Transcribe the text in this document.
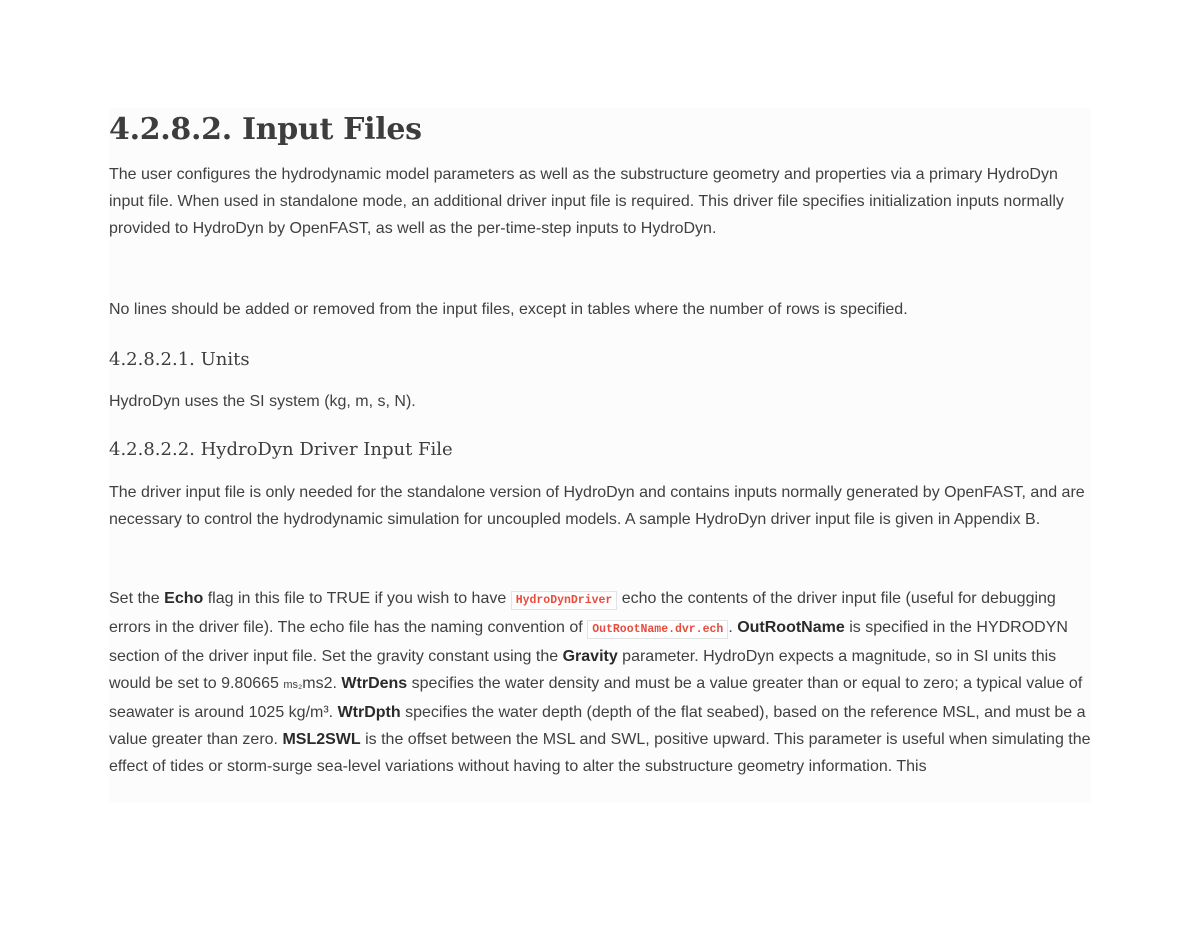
4.2.8.2. Input Files

The user configures the hydrodynamic model parameters as well as the substructure geometry and properties via a primary HydroDyn input file. When used in standalone mode, an additional driver input file is required. This driver file specifies initialization inputs normally provided to HydroDyn by OpenFAST, as well as the per-time-step inputs to HydroDyn.

No lines should be added or removed from the input files, except in tables where the number of rows is specified.

4.2.8.2.1. Units

HydroDyn uses the SI system (kg, m, s, N).

4.2.8.2.2. HydroDyn Driver Input File

The driver input file is only needed for the standalone version of HydroDyn and contains inputs normally generated by OpenFAST, and are necessary to control the hydrodynamic simulation for uncoupled models. A sample HydroDyn driver input file is given in Appendix B.

Set the Echo flag in this file to TRUE if you wish to have HydroDynDriver echo the contents of the driver input file (useful for debugging errors in the driver file). The echo file has the naming convention of OutRootName.dvr.ech . OutRootName is specified in the HYDRODYN section of the driver input file. Set the gravity constant using the Gravity parameter. HydroDyn expects a magnitude, so in SI units this would be set to 9.80665 ms₂ms2. WtrDens specifies the water density and must be a value greater than or equal to zero; a typical value of seawater is around 1025 kg/m³. WtrDpth specifies the water depth (depth of the flat seabed), based on the reference MSL, and must be a value greater than zero. MSL2SWL is the offset between the MSL and SWL, positive upward. This parameter is useful when simulating the effect of tides or storm-surge sea-level variations without having to alter the substructure geometry information. This
